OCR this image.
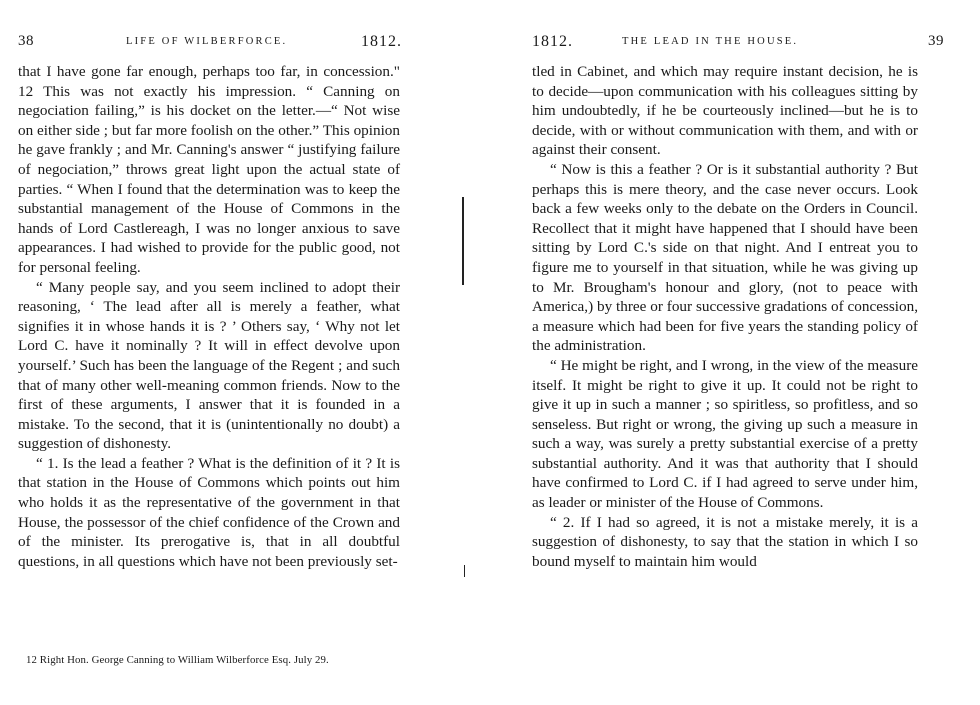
38	LIFE OF WILBERFORCE.	1812.

that I have gone far enough, perhaps too far, in concession." 12 This was not exactly his impression. “ Canning on negociation failing,” is his docket on the letter.—“ Not wise on either side ; but far more foolish on the other.” This opinion he gave frankly ; and Mr. Canning's answer “ justifying failure of negociation,” throws great light upon the actual state of parties. “ When I found that the determination was to keep the substantial management of the House of Commons in the hands of Lord Castlereagh, I was no longer anxious to save appearances. I had wished to provide for the public good, not for personal feeling.

“ Many people say, and you seem inclined to adopt their reasoning, ‘ The lead after all is merely a feather, what signifies it in whose hands it is ? ’ Others say, ‘ Why not let Lord C. have it nominally ? It will in effect devolve upon yourself.’ Such has been the language of the Regent ; and such that of many other well-meaning common friends. Now to the first of these arguments, I answer that it is founded in a mistake. To the second, that it is (unintentionally no doubt) a suggestion of dishonesty.

“ 1. Is the lead a feather ? What is the definition of it ? It is that station in the House of Commons which points out him who holds it as the representative of the government in that House, the possessor of the chief confidence of the Crown and of the minister. Its prerogative is, that in all doubtful questions, in all questions which have not been previously set-

12 Right Hon. George Canning to William Wilberforce Esq. July 29.
1812.	THE LEAD IN THE HOUSE.	39

tled in Cabinet, and which may require instant decision, he is to decide—upon communication with his colleagues sitting by him undoubtedly, if he be courteously inclined—but he is to decide, with or without communication with them, and with or against their consent.

“ Now is this a feather ? Or is it substantial authority ? But perhaps this is mere theory, and the case never occurs. Look back a few weeks only to the debate on the Orders in Council. Recollect that it might have happened that I should have been sitting by Lord C.'s side on that night. And I entreat you to figure me to yourself in that situation, while he was giving up to Mr. Brougham's honour and glory, (not to peace with America,) by three or four successive gradations of concession, a measure which had been for five years the standing policy of the administration.

“ He might be right, and I wrong, in the view of the measure itself. It might be right to give it up. It could not be right to give it up in such a manner ; so spiritless, so profitless, and so senseless. But right or wrong, the giving up such a measure in such a way, was surely a pretty substantial exercise of a pretty substantial authority. And it was that authority that I should have confirmed to Lord C. if I had agreed to serve under him, as leader or minister of the House of Commons.

“ 2. If I had so agreed, it is not a mistake merely, it is a suggestion of dishonesty, to say that the station in which I so bound myself to maintain him would
